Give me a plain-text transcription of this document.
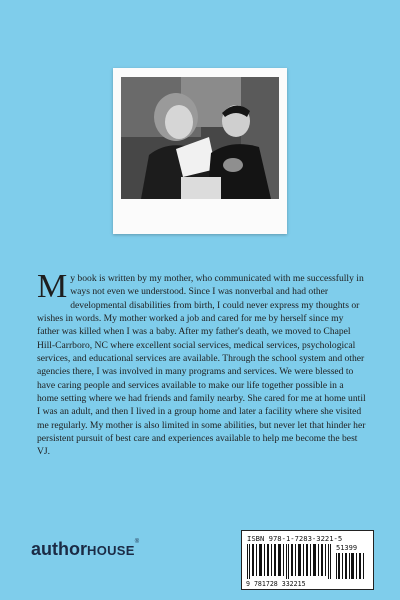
My book is written by my mother, who communicated with me successfully in ways not even we understood. Since I was nonverbal and had other developmental disabilities from birth, I could never express my thoughts or wishes in words. My mother worked a job and cared for me by herself since my father was killed when I was a baby. After my father's death, we moved to Chapel Hill-Carrboro, NC where excellent social services, medical services, psychological services, and educational services are available. Through the school system and other agencies there, I was involved in many programs and services. We were blessed to have caring people and services available to make our life together possible in a home setting where we had friends and family nearby. She cared for me at home until I was an adult, and then I lived in a group home and later a facility where she visited me regularly. My mother is also limited in some abilities, but never let that hinder her persistent pursuit of best care and experiences available to help me become the best VJ.
authorHOUSE®	ISBN 978-1-7283-3221-5
51399
9 781728 332215
